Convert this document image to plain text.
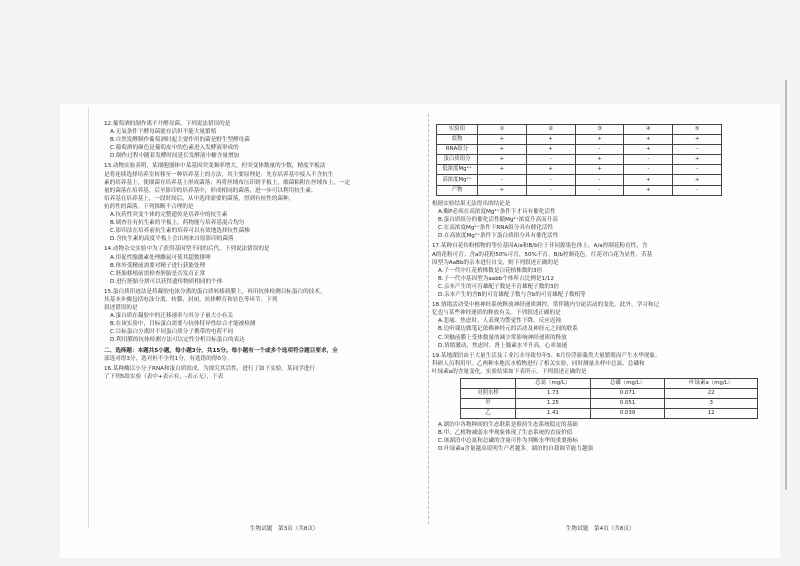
12.葡萄酒的制作离不开酵母菌。下列说法错误的是

A.无氧条件下酵母菌能存活但不能大量繁殖

B.自然发酵制作葡萄酒时起主要作用的菌是野生型酵母菌

C.葡萄酒的颜色是葡萄皮中的色素进入发酵液形成的

D.制作过程中随着发酵时间延长发酵液中糖含量增加

13.动物实验表明，某细胞器体中某基因突变频率增大，但突变体数量的少数，精度平板法

是将连续选择培养室转移至一种培养基上的方法，其主要原理是：先在培养基中接入不含抗生

素的培养基上，使细菌在培养基上形成菌落；再将丝绒布压印到平板上，细菌粘附在丝绒布上，一定

量的菌落在培养基，后至影印的培养基中，形成相同的菌落，进一步可以利用抗生素、

培养基在培养基上，一段时间后，从中选择需要的菌落，得到有抗性的菌种，

抗药性的菌落。下列推断不合理的是

A.抗药性突变个体的完整遗传是培养中的抗生素

B.调查在有抗生素的平板上，药物能与培养基混合均匀

C.影印法在培养前抗生素的培养可以有效地选择抗性菌株

D.含抗生素的高度平板上会出现来自原影印的菌落

14.动物杂交实验中为了获得基因型不同的后代，下列说法错误的是

A.用促性腺激素处理雌鼠可使其超数排卵

B.体外受精前需要对精子进行获能处理

C.胚胎移植前需检查胚胎是否发育正常

D.进行胚胎分割可以获得遗传物质相同的个体

15.蛋白质印迹法是将凝胶电泳分离的蛋白质转移到膜上，再用抗体检测目标蛋白的技术。

其基本步骤包括电泳分离、转膜、封闭、抗体孵育和显色等环节。下列

叙述错误的是

A.蛋白质在凝胶中的迁移速率与其分子量大小有关

B.在该实验中，目标蛋白需要与抗体特异性结合才能被检测

C.目标蛋白分离时不同蛋白质分子携带的电荷不同

D.利用膜的抗体检测方法可以定性分析目标蛋白的表达

二、选择题：本题共5小题，每小题3分，共15分。每小题有一个或多个选项符合题目要求，全

部选对得3分，选对但不全得1分，有选错的得0分。

16.某种酶以小分子RNA和蛋白质组成，为探究其活性，进行了如下实验，某同学进行

了下列5组实验（表中+表示有，-表示无），下表

实验组	①	②	③	④	⑤
底物	+	+	+	+	+
RNA组分	+	+	-	+	-
蛋白质组分	+	-	+	-	+
低浓度Mg²⁺	+	+	+	-	-
高浓度Mg²⁺	-	-	-	+	+
产物	+	-	-	+	-

根据实验结果无法得出的结论是

A.酶P必须在高浓度Mg²⁺条件下才具有催化活性

B.蛋白质组分的催化活性随Mg²⁺浓度升高而升高

C.在高浓度Mg²⁺条件下RNA组分具有催化活性

D.在高浓度Mg²⁺条件下蛋白质组分具有催化活性

17.某种自花传粉植物的等位基因A/a和B/b位于非同源染色体上，A/a控制花粉育性，含

A的花粉可育；含a的花粉50%可育，50%不育。B/b控制花色，红花对白花为显性。若基

因型为AaBb的亲本进行自交，则下列叙述正确的是

A.子一代中红花植株数是白花植株数的3倍

B.子一代中基因型为aabb个体所占比例是1/12

C.亲本产生的可育雄配子数是不育雄配子数的3倍

D.亲本产生的含B的可育雄配子数与含b的可育雄配子数相等

18.情绪活动受中枢神经系统释放神经递质调控，常伴随内分泌活动的变化。此外，学习和记

忆也与某些神经递质的释放有关。下列叙述正确的是

A.悲痛、焦虑时，人表现为警觉性下降、反应迟钝

B.边听课边做笔记依赖神经元的活动及神经元之间的联系

C.突触前膜上受体数量的减少常影响神经递质的释放

D.情绪激动、焦虑时，肾上腺素水平升高，心率加速

19.某地湖泊由于大量生活及工业污水导致每年5、6月份浮游藻类大量繁殖而产生水华现象。

科研人员利用甲、乙两种本地沉水植物进行了相关实验，同时测量水样中总氮、总磷和

叶绿素a的含量变化，实验结果如下表所示。下列叙述正确的是

	总氮（mg/L）	总磷（mg/L）	叶绿素a（mg/L）
对照水样	1.73	0.071	22
甲	1.25	0.051	3
乙	1.41	0.039	12

A.湖泊中各物种间的生态联系是维持生态系统稳定的基础

B.甲、乙植物减弱水华现象体现了生态系统的直接价值

C.该湖泊中总氮和总磷的含量可作为判断水华的重要指标

D.叶绿素a含量越高说明生产者越多，湖泊的自我调节能力越强

生物试题　第3页（共8页）	生物试题　第4页（共8页）
